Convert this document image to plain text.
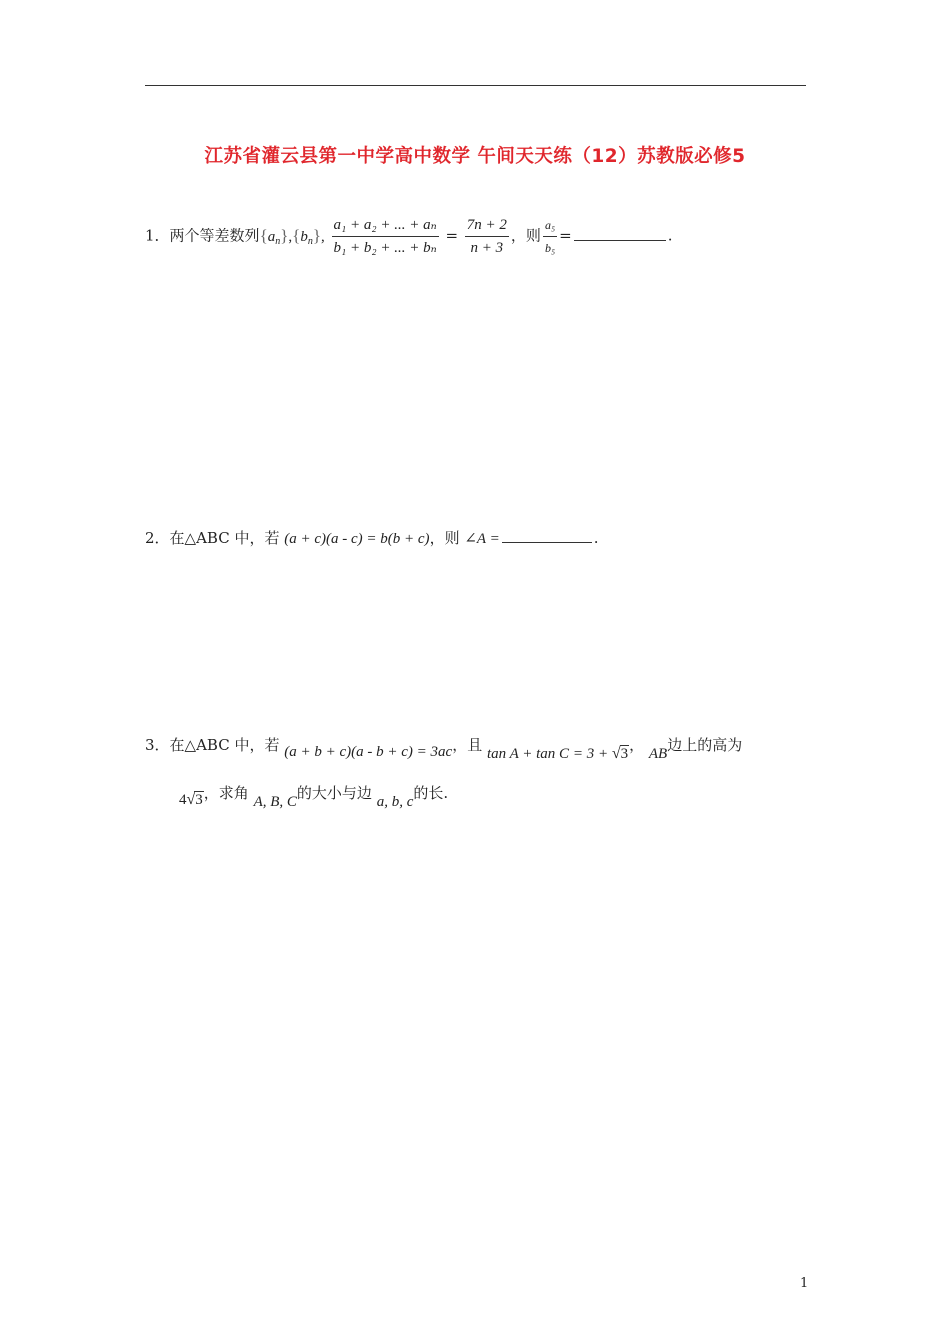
江苏省灌云县第一中学高中数学 午间天天练（12）苏教版必修5
1．两个等差数列$\{a_n\},\{b_n\}$, $\frac{\text{a₁ + a₂ + ... + aₙ}}{\text{b₁ + b₂ + ... + bₙ}} = \frac{7n + 2}{n + 3}$ ，则 $\frac{\text{a₅}}{\text{b₅}}$ =	.
2．在△ABC 中，若 (a + c)(a - c) = b(b + c)，则 ∠A =	.
3．在△ABC 中，若 (a + b + c)(a - b + c) = 3ac，且 tan A + tan C = 3 + √3， AB边上的高为
4√3，求角 A, B, C的大小与边 a, b, c的长.
1
